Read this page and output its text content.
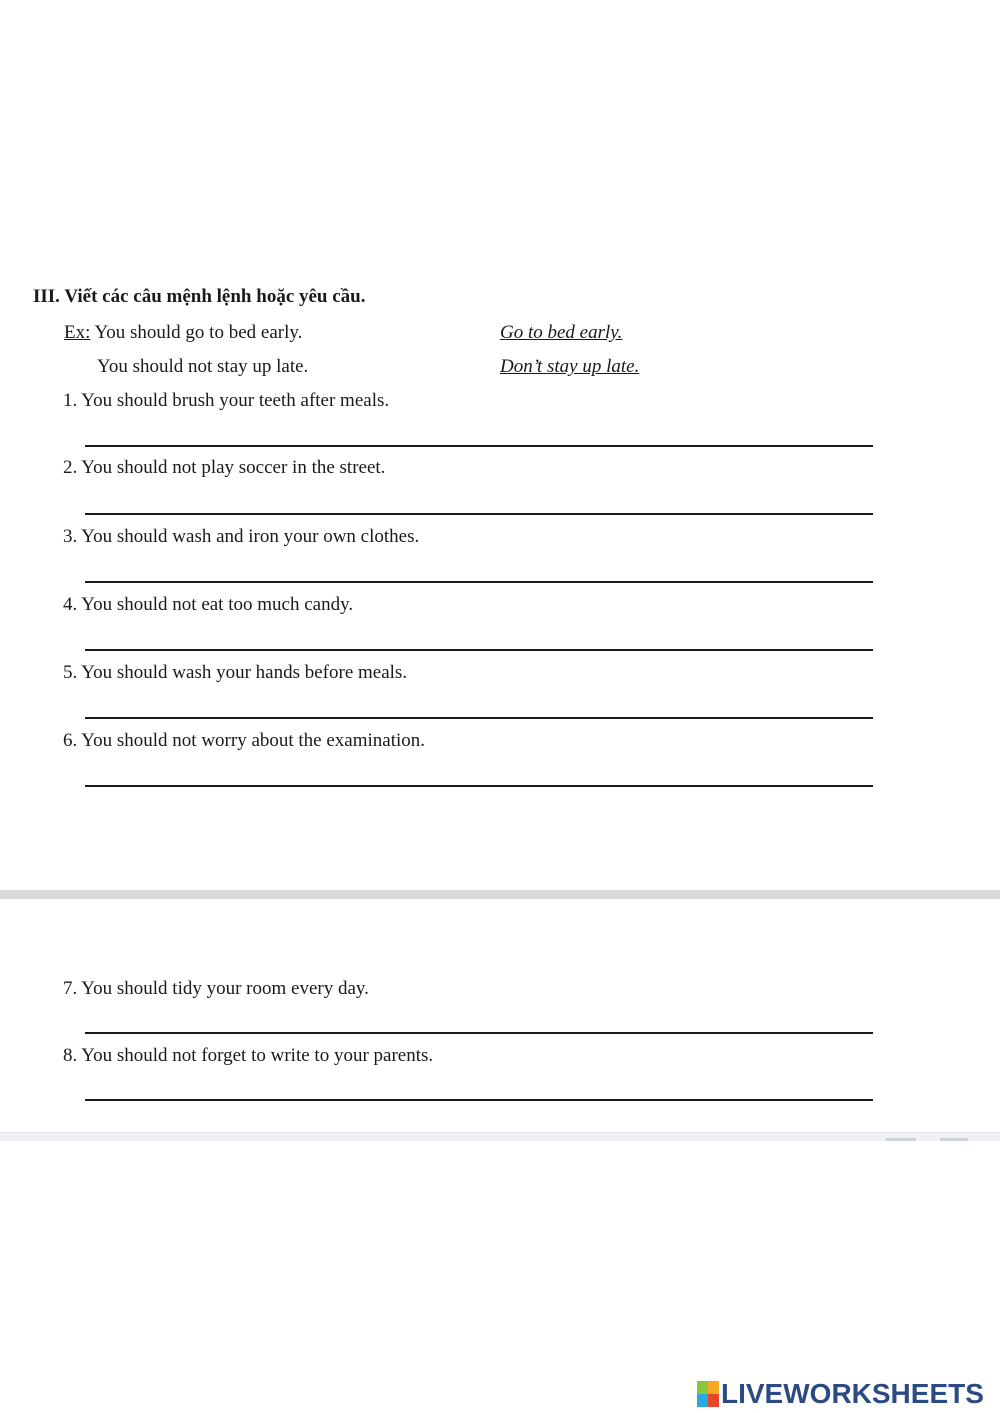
III. Viết các câu mệnh lệnh hoặc yêu cầu.
Ex: You should go to bed early.	Go to bed early.
You should not stay up late.	Don’t stay up late.
1. You should brush your teeth after meals.
2. You should not play soccer in the street.
3. You should wash and iron your own clothes.
4. You should not eat too much candy.
5. You should wash your hands before meals.
6. You should not worry about the examination.
7. You should tidy your room every day.
8. You should not forget to write to your parents.
LIVEWORKSHEETS
